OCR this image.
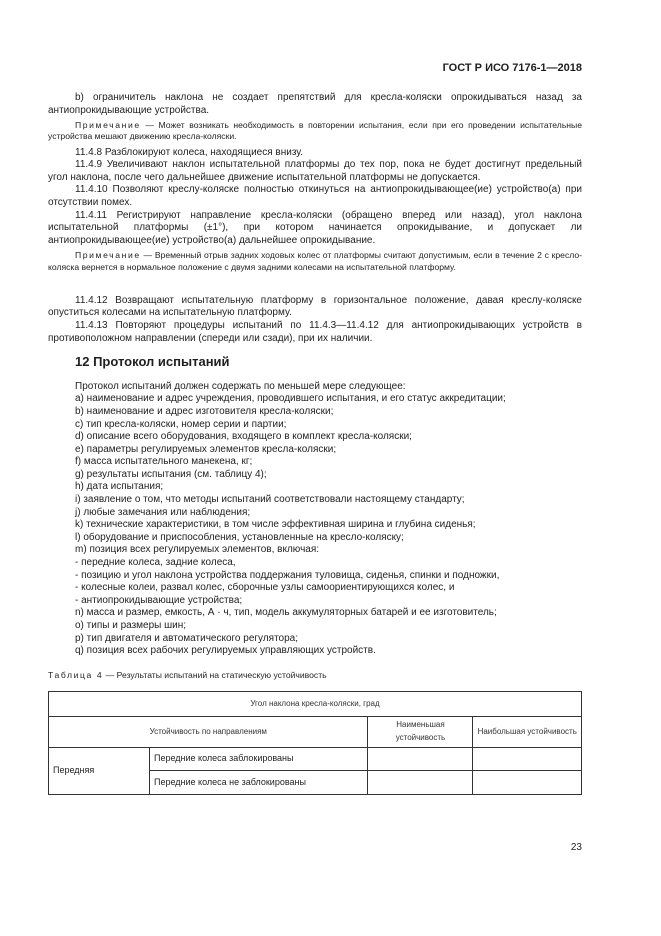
ГОСТ Р ИСО 7176-1—2018

b) ограничитель наклона не создает препятствий для кресла-коляски опрокидываться назад за антиопрокидывающие устройства.

Примечание — Может возникать необходимость в повторении испытания, если при его проведении испытательные устройства мешают движению кресла-коляски.

11.4.8 Разблокируют колеса, находящиеся внизу.

11.4.9 Увеличивают наклон испытательной платформы до тех пор, пока не будет достигнут предельный угол наклона, после чего дальнейшее движение испытательной платформы не допускается.

11.4.10 Позволяют креслу-коляске полностью откинуться на антиопрокидывающее(ие) устройство(а) при отсутствии помех.

11.4.11 Регистрируют направление кресла-коляски (обращено вперед или назад), угол наклона испытательной платформы (±1°), при котором начинается опрокидывание, и допускает ли антиопрокидывающее(ие) устройство(а) дальнейшее опрокидывание.

Примечание — Временный отрыв задних ходовых колес от платформы считают допустимым, если в течение 2 с кресло-коляска вернется в нормальное положение с двумя задними колесами на испытательной платформу.

11.4.12 Возвращают испытательную платформу в горизонтальное положение, давая креслу-коляске опуститься колесами на испытательную платформу.

11.4.13 Повторяют процедуры испытаний по 11.4.3—11.4.12 для антиопрокидывающих устройств в противоположном направлении (спереди или сзади), при их наличии.

12 Протокол испытаний

Протокол испытаний должен содержать по меньшей мере следующее:

a) наименование и адрес учреждения, проводившего испытания, и его статус аккредитации;
b) наименование и адрес изготовителя кресла-коляски;
c) тип кресла-коляски, номер серии и партии;
d) описание всего оборудования, входящего в комплект кресла-коляски;
e) параметры регулируемых элементов кресла-коляски;
f) масса испытательного манекена, кг;
g) результаты испытания (см. таблицу 4);
h) дата испытания;
i) заявление о том, что методы испытаний соответствовали настоящему стандарту;
j) любые замечания или наблюдения;
k) технические характеристики, в том числе эффективная ширина и глубина сиденья;
l) оборудование и приспособления, установленные на кресло-коляску;
m) позиция всех регулируемых элементов, включая:
- передние колеса, задние колеса,
- позицию и угол наклона устройства поддержания туловища, сиденья, спинки и подножки,
- колесные колеи, развал колес, сборочные узлы самоориентирующихся колес, и
- антиопрокидывающие устройства;
n) масса и размер, емкость, А · ч, тип, модель аккумуляторных батарей и ее изготовитель;
o) типы и размеры шин;
p) тип двигателя и автоматического регулятора;
q) позиция всех рабочих регулируемых управляющих устройств.
Таблица 4 — Результаты испытаний на статическую устойчивость
Угол наклона кресла-коляски, град			
Устойчивость по направлениям		Наименьшая устойчивость	Наибольшая устойчивость
Передняя	Передние колеса заблокированы		
	Передние колеса не заблокированы		
23
